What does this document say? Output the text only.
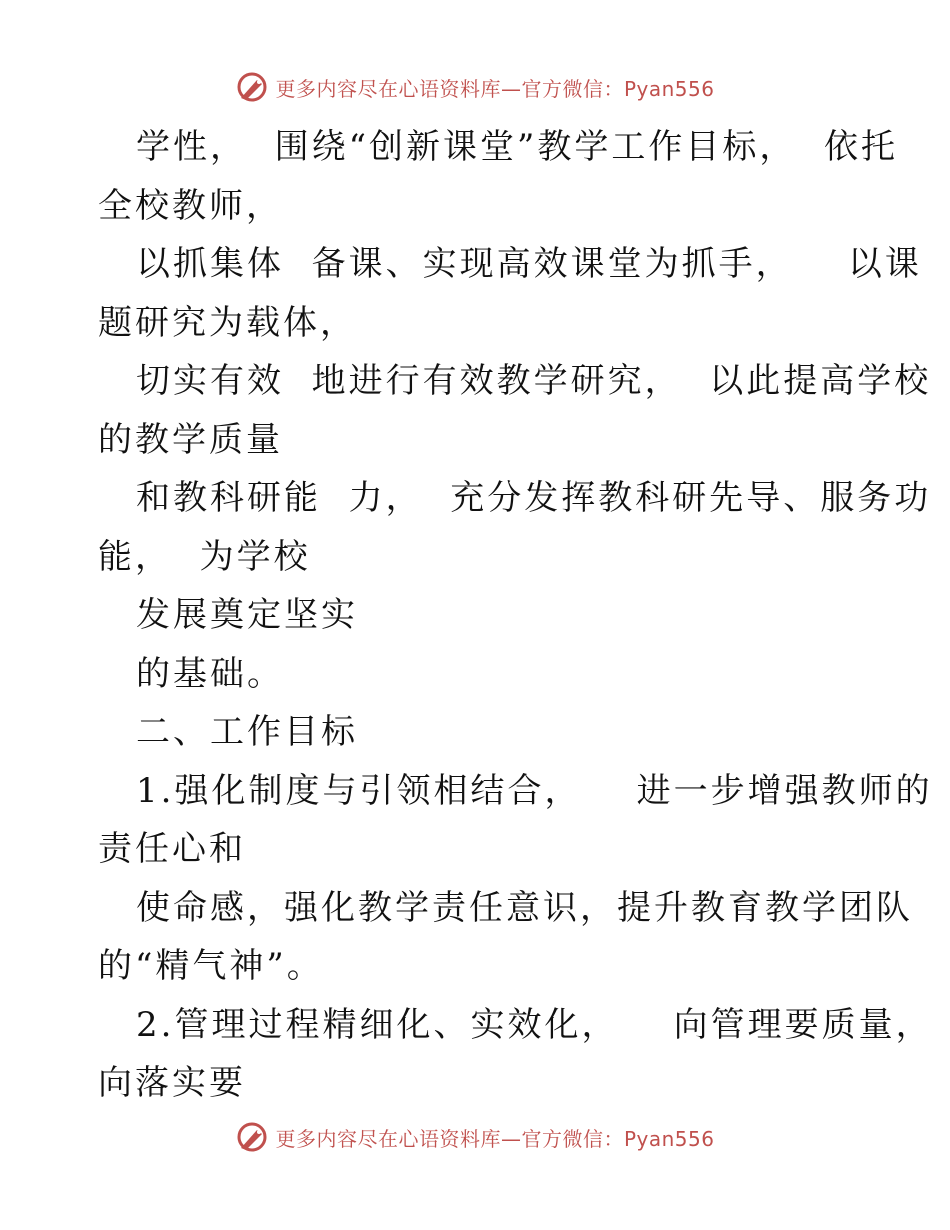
更多内容尽在心语资料库—官方微信：Pyan556
学性，  围绕“创新课堂”教学工作目标，  依托
全校教师，
以抓集体  备课、实现高效课堂为抓手，    以课
题研究为载体，
切实有效  地进行有效教学研究，  以此提高学校
的教学质量
和教科研能  力，  充分发挥教科研先导、服务功
能，  为学校
发展奠定坚实
的基础。
二、工作目标
1.强化制度与引领相结合，    进一步增强教师的
责任心和
使命感，强化教学责任意识，提升教育教学团队
的“精气神”。
2.管理过程精细化、实效化，    向管理要质量，
向落实要
更多内容尽在心语资料库—官方微信：Pyan556
